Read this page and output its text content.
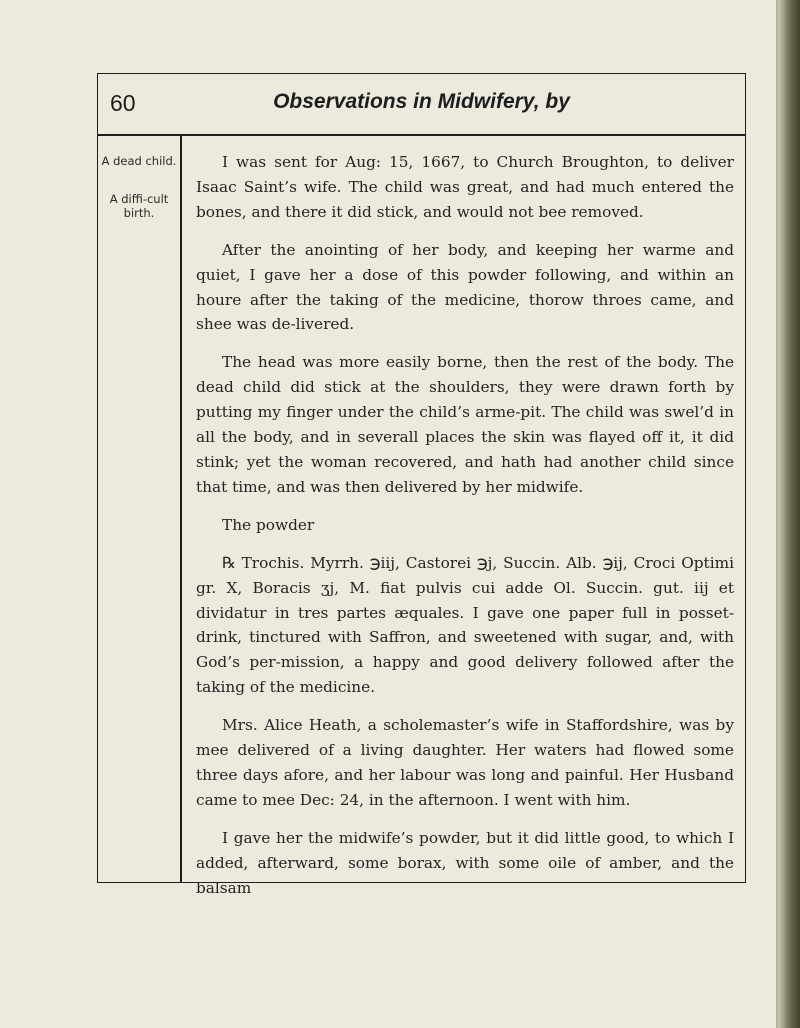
60	Observations in Midwifery, by
A dead child.
A diffi-cult birth.

I was sent for Aug: 15, 1667, to Church Broughton, to deliver Isaac Saint’s wife. The child was great, and had much entered the bones, and there it did stick, and would not bee removed.

After the anointing of her body, and keeping her warme and quiet, I gave her a dose of this powder following, and within an houre after the taking of the medicine, thorow throes came, and shee was de-livered.

The head was more easily borne, then the rest of the body. The dead child did stick at the shoulders, they were drawn forth by putting my finger under the child’s arme-pit. The child was swel’d in all the body, and in severall places the skin was flayed off it, it did stink; yet the woman recovered, and hath had another child since that time, and was then delivered by her midwife.

The powder

℞ Trochis. Myrrh. ℈iij, Castorei ℈j, Succin. Alb. ℈ij, Croci Optimi gr. X, Boracis ʒj, M. fiat pulvis cui adde Ol. Succin. gut. iij et dividatur in tres partes æquales. I gave one paper full in posset-drink, tinctured with Saffron, and sweetened with sugar, and, with God’s per-mission, a happy and good delivery followed after the taking of the medicine.

Mrs. Alice Heath, a scholemaster’s wife in Staffordshire, was by mee delivered of a living daughter. Her waters had flowed some three days afore, and her labour was long and painful. Her Husband came to mee Dec: 24, in the afternoon. I went with him.

I gave her the midwife’s powder, but it did little good, to which I added, afterward, some borax, with some oile of amber, and the balsam
